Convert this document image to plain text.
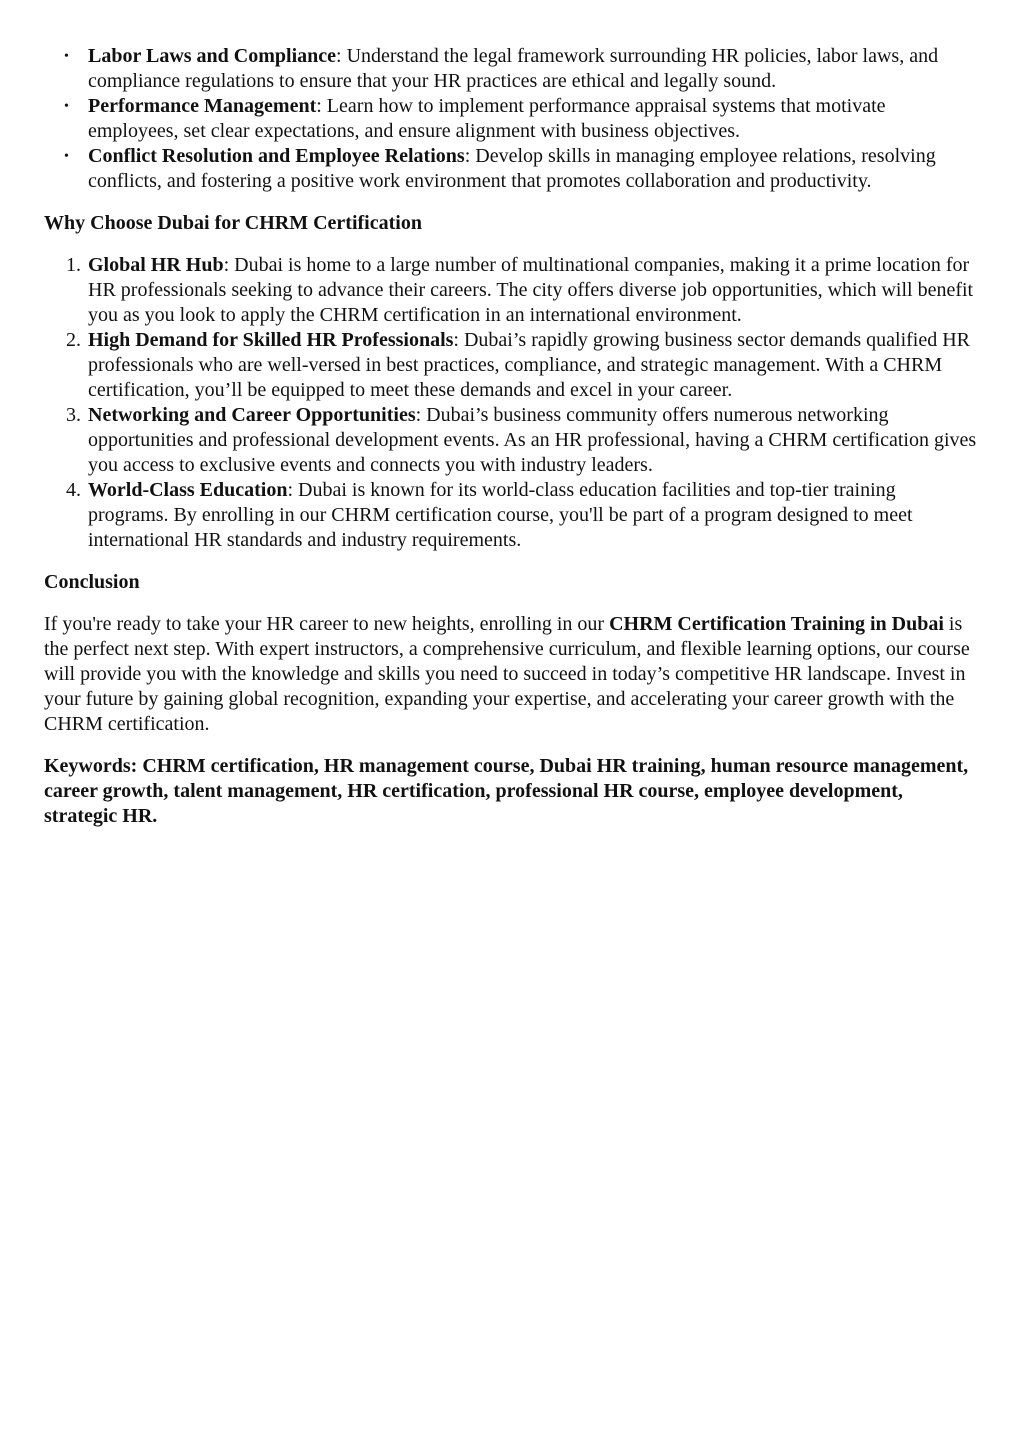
• Labor Laws and Compliance: Understand the legal framework surrounding HR policies, labor laws, and compliance regulations to ensure that your HR practices are ethical and legally sound.
• Performance Management: Learn how to implement performance appraisal systems that motivate employees, set clear expectations, and ensure alignment with business objectives.
• Conflict Resolution and Employee Relations: Develop skills in managing employee relations, resolving conflicts, and fostering a positive work environment that promotes collaboration and productivity.
Why Choose Dubai for CHRM Certification
1. Global HR Hub: Dubai is home to a large number of multinational companies, making it a prime location for HR professionals seeking to advance their careers. The city offers diverse job opportunities, which will benefit you as you look to apply the CHRM certification in an international environment.
2. High Demand for Skilled HR Professionals: Dubai’s rapidly growing business sector demands qualified HR professionals who are well-versed in best practices, compliance, and strategic management. With a CHRM certification, you’ll be equipped to meet these demands and excel in your career.
3. Networking and Career Opportunities: Dubai’s business community offers numerous networking opportunities and professional development events. As an HR professional, having a CHRM certification gives you access to exclusive events and connects you with industry leaders.
4. World-Class Education: Dubai is known for its world-class education facilities and top-tier training programs. By enrolling in our CHRM certification course, you'll be part of a program designed to meet international HR standards and industry requirements.
Conclusion

If you're ready to take your HR career to new heights, enrolling in our CHRM Certification Training in Dubai is the perfect next step. With expert instructors, a comprehensive curriculum, and flexible learning options, our course will provide you with the knowledge and skills you need to succeed in today’s competitive HR landscape. Invest in your future by gaining global recognition, expanding your expertise, and accelerating your career growth with the CHRM certification.

Keywords: CHRM certification, HR management course, Dubai HR training, human resource management, career growth, talent management, HR certification, professional HR course, employee development, strategic HR.
